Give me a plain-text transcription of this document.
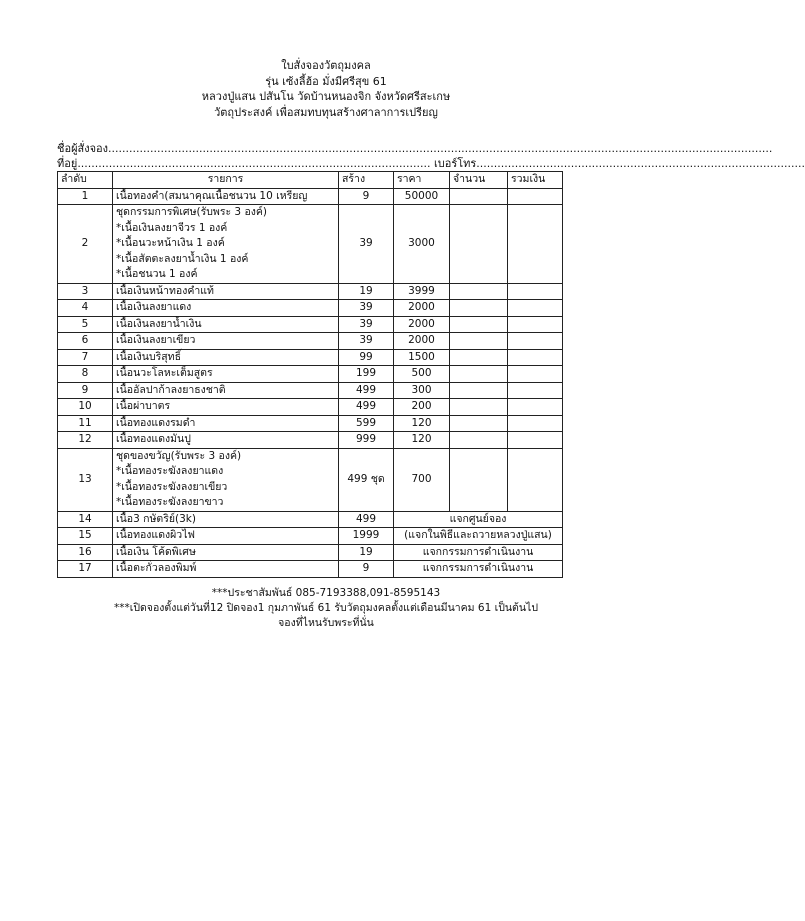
ใบสั่งจองวัตถุมงคล
รุ่น เซ้งลี้ฮ้อ มั่งมีศรีสุข 61
หลวงปู่แสน ปสันโน วัดบ้านหนองจิก จังหวัดศรีสะเกษ
วัตถุประสงค์ เพื่อสมทบทุนสร้างศาลาการเปรียญ
ชื่อผู้สั่งจอง..............................................................................................................................................................................................
ที่อยู่..................................................................................................... เบอร์โทร..............................................................................................
ลำดับ	รายการ	สร้าง	ราคา	จำนวน	รวมเงิน
1	เนื้อทองคำ(สมนาคุณเนื้อชนวน 10 เหรียญ	9	50000		
2	ชุดกรรมการพิเศษ(รับพระ 3 องค์)
*เนื้อเงินลงยาจีวร 1 องค์
*เนื้อนวะหน้าเงิน 1 องค์
*เนื้อสัตตะลงยาน้ำเงิน 1 องค์
*เนื้อชนวน 1 องค์	39	3000		
3	เนื้อเงินหน้าทองคำแท้	19	3999		
4	เนื้อเงินลงยาแดง	39	2000		
5	เนื้อเงินลงยาน้ำเงิน	39	2000		
6	เนื้อเงินลงยาเขียว	39	2000		
7	เนื้อเงินบริสุทธิ์	99	1500		
8	เนื้อนวะโลหะเต็มสูตร	199	500		
9	เนื้ออัลปาก้าลงยาธงชาติ	499	300		
10	เนื้อผ่าบาตร	499	200		
11	เนื้อทองแดงรมดำ	599	120		
12	เนื้อทองแดงมันปู	999	120		
13	ชุดของขวัญ(รับพระ 3 องค์)
*เนื้อทองระฆังลงยาแดง
*เนื้อทองระฆังลงยาเขียว
*เนื้อทองระฆังลงยาขาว	499 ชุด	700		
14	เนื้อ3 กษัตริย์(3k)	499	แจกศูนย์จอง		
15	เนื้อทองแดงผิวไฟ	1999	(แจกในพิธีและถวายหลวงปู่แสน)		
16	เนื้อเงิน โค้ดพิเศษ	19	แจกกรรมการดำเนินงาน		
17	เนื้อตะกั่วลองพิมพ์	9	แจกกรรมการดำเนินงาน		
***ประชาสัมพันธ์ 085-7193388,091-8595143
***เปิดจองตั้งแต่วันที่12 ปิดจอง1 กุมภาพันธ์ 61 รับวัตถุมงคลตั้งแต่เดือนมีนาคม 61 เป็นต้นไป
จองที่ไหนรับพระที่นั่น
